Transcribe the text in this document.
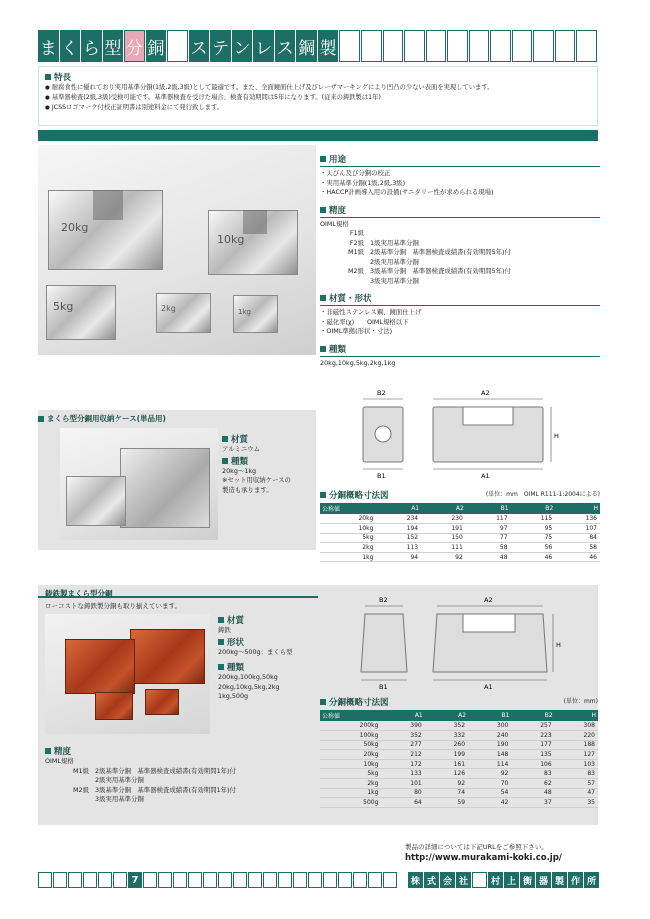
ま く ら 型 分 銅 ス テ ン レ ス 鋼 製
特長
● 耐腐食性に優れており実用基準分銅(1級,2級,3級)として最適です。また、全面鏡面仕上げ及びレーザマーキングにより凹凸の少ない表面を実現しています。
● 基準器検査(2級,3級)受検可能です。基準器検査を受けた場合、検査有効期間は5年になります。(従来の鋳鉄製は1年)
● JCSSロゴマーク付校正証明書は別途料金にて発行致します。
20kg
10kg
5kg	2kg	1kg
用途
・天びん及び分銅の校正
・実用基準分銅(1級,2級,3級)
・HACCP計画導入用の設備(サニタリー性が求められる現場)
精度
OIML規格
F1級
F2級 1級実用基準分銅
M1級 2級基準分銅　基準器検査成績書(有効期間5年)付
2級実用基準分銅
M2級 3級基準分銅　基準器検査成績書(有効期間5年)付
3級実用基準分銅
材質・形状
・非磁性ステンレス鋼、鏡面仕上げ
・磁化率(χ)　　OIML規格以下
・OIML準拠(形状・寸法)
種類
20kg,10kg,5kg,2kg,1kg
まくら型分銅用収納ケース(単品用)
材質
アルミニウム
種類
20kg～1kg
※セット用収納ケースの
製造も承ります。
B2	A2
H
B1	A1
分銅概略寸法図	(単位：mm　OIML R111-1:2004による)
公称値	A1	A2	B1	B2	H
20kg	234	230	117	115	136
10kg	194	191	97	95	107
5kg	152	150	77	75	84
2kg	113	111	58	56	58
1kg	94	92	48	46	46
鋳鉄製まくら型分銅
ローコストな鋳鉄製分銅も取り揃えています。
材質
鋳鉄
形状
200kg～500g：まくら型
種類
200kg,100kg,50kg
20kg,10kg,5kg,2kg
1kg,500g
精度
OIML規格
M1級 2級基準分銅　基準器検査成績書(有効期間1年)付
2級実用基準分銅
M2級 3級基準分銅　基準器検査成績書(有効期間1年)付
3級実用基準分銅
B2	A2
H
B1	A1
分銅概略寸法図	(単位：mm)
公称値	A1	A2	B1	B2	H
200kg	390	352	300	257	308
100kg	352	332	240	223	220
50kg	277	260	190	177	188
20kg	212	199	148	135	127
10kg	172	161	114	106	103
5kg	133	126	92	83	83
2kg	101	92	70	62	57
1kg	80	74	54	48	47
500g	64	59	42	37	35
製品の詳細については下記URLをご参照下さい。
http://www.murakami-koki.co.jp/
7	株 式 会 社	村 上 衡 器 製 作 所
